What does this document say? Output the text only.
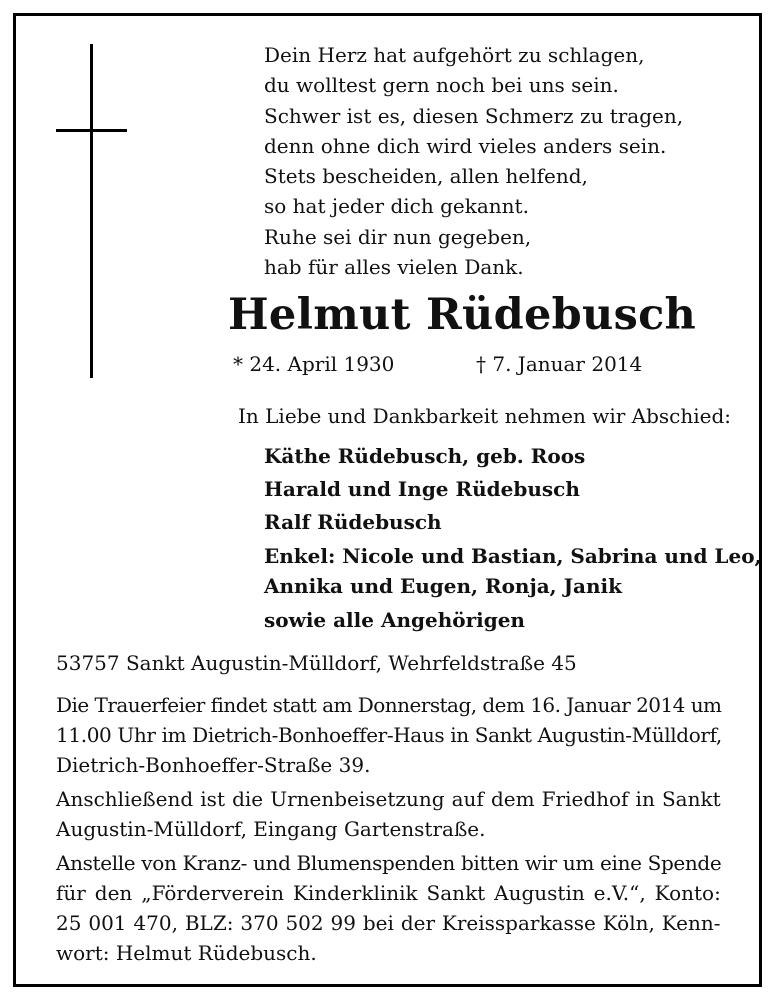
Dein Herz hat aufgehört zu schlagen,
du wolltest gern noch bei uns sein.
Schwer ist es, diesen Schmerz zu tragen,
denn ohne dich wird vieles anders sein.
Stets bescheiden, allen helfend,
so hat jeder dich gekannt.
Ruhe sei dir nun gegeben,
hab für alles vielen Dank.
Helmut Rüdebusch
* 24. April 1930	† 7. Januar 2014
In Liebe und Dankbarkeit nehmen wir Abschied:
Käthe Rüdebusch, geb. Roos
Harald und Inge Rüdebusch
Ralf Rüdebusch
Enkel: Nicole und Bastian, Sabrina und Leo,
Annika und Eugen, Ronja, Janik
sowie alle Angehörigen
53757 Sankt Augustin-Mülldorf, Wehrfeldstraße 45
Die Trauerfeier findet statt am Donnerstag, dem 16. Januar 2014 um
11.00 Uhr im Dietrich-Bonhoeffer-Haus in Sankt Augustin-Mülldorf,
Dietrich-Bonhoeffer-Straße 39.
Anschließend ist die Urnenbeisetzung auf dem Friedhof in Sankt
Augustin-Mülldorf, Eingang Gartenstraße.
Anstelle von Kranz- und Blumenspenden bitten wir um eine Spende
für den „Förderverein Kinderklinik Sankt Augustin e.V.“, Konto:
25 001 470, BLZ: 370 502 99 bei der Kreissparkasse Köln, Kenn-
wort: Helmut Rüdebusch.
